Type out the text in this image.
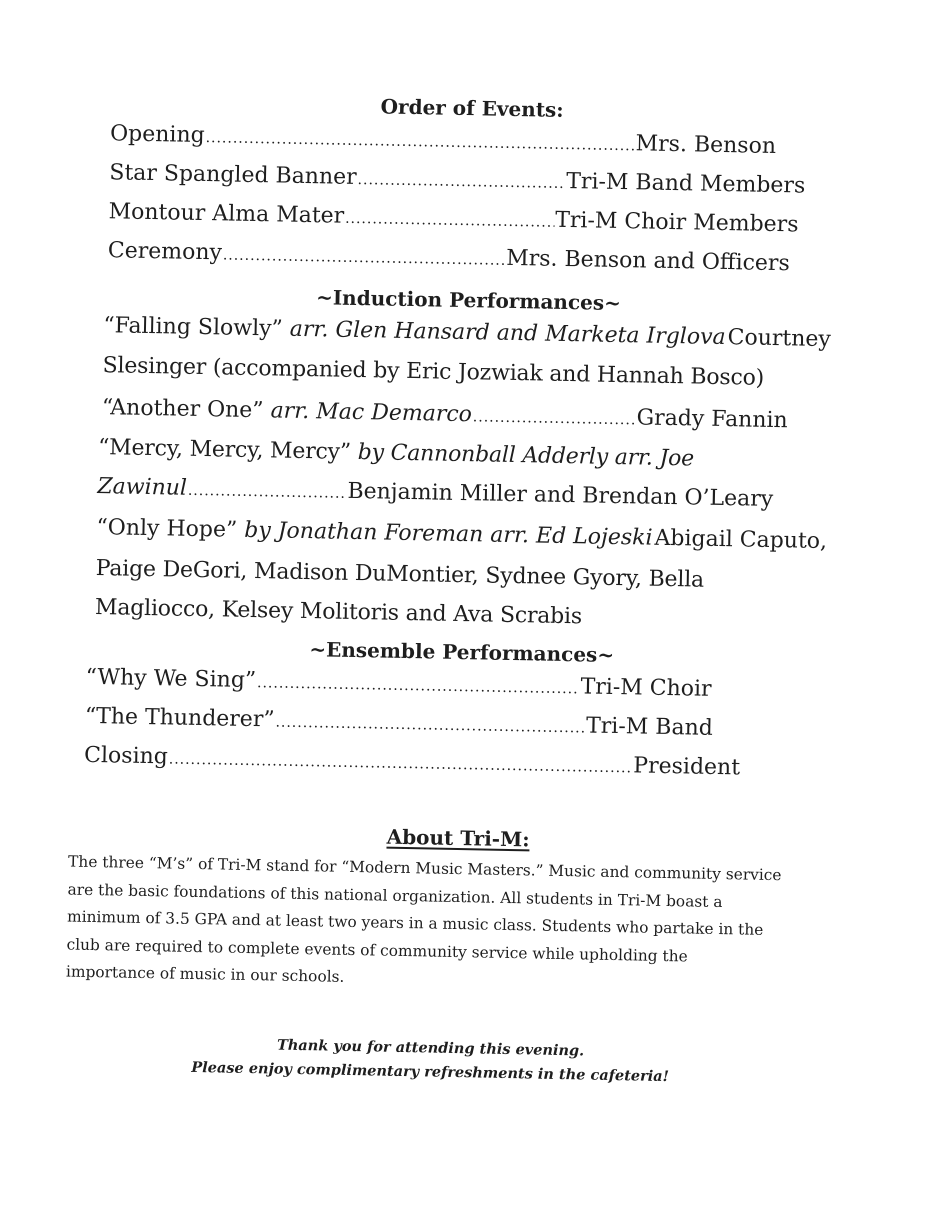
Order of Events:
Opening .....	Mrs. Benson
Star Spangled Banner .....	Tri-M Band Members
Montour Alma Mater .....	Tri-M Choir Members
Ceremony .....	Mrs. Benson and Officers
~Induction Performances~
“Falling Slowly”
arr. Glen Hansard and Marketa Irglova ..... Courtney
Slesinger (accompanied by Eric Jozwiak and Hannah Bosco)
“Another One”
arr. Mac Demarco .....	Grady Fannin
“Mercy, Mercy, Mercy” by Cannonball Adderly arr. Joe
Zawinul .....	Benjamin Miller and Brendan O’Leary
“Only Hope”
by Jonathan Foreman arr. Ed Lojeski ..... Abigail Caputo,
Paige DeGori, Madison DuMontier, Sydnee Gyory, Bella
Magliocco, Kelsey Molitoris and Ava Scrabis
~Ensemble Performances~
“Why We Sing” .....	Tri-M Choir
“The Thunderer” .....	Tri-M Band
Closing .....	President
About Tri-M:
The three “M’s” of Tri-M stand for “Modern Music Masters.” Music and community service are the basic foundations of this national organization. All students in Tri-M boast a minimum of 3.5 GPA and at least two years in a music class. Students who partake in the club are required to complete events of community service while upholding the importance of music in our schools.
Thank you for attending this evening.
Please enjoy complimentary refreshments in the cafeteria!
